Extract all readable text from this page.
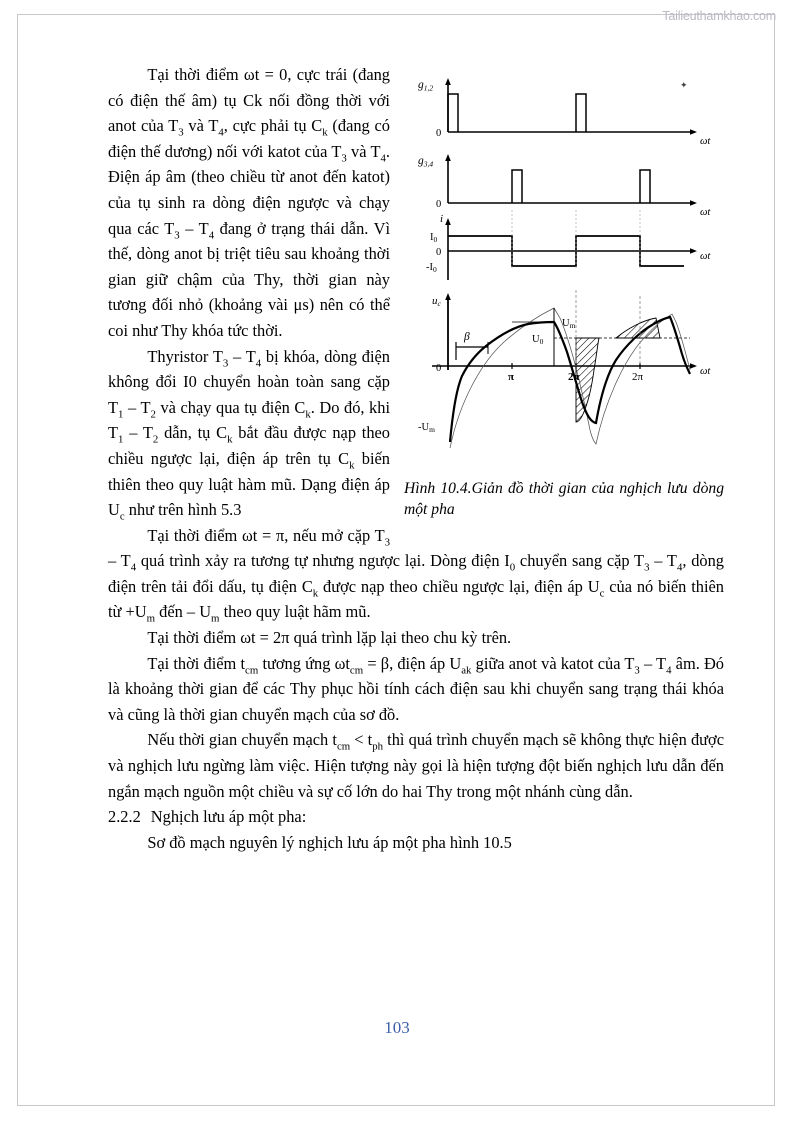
Tailieuthamkhao.com
$g_{1,2}$
0
ωt
✦
$g_{3,4}$
0
ωt
i
I0
0
-I0
ωt
uc
β
0
Um
U0
-Um
π	2π	2π	ωt
Hình 10.4.Giản đồ thời gian của nghịch lưu dòng một pha

Tại thời điểm ωt = 0, cực trái (đang có điện thế âm) tụ Ck nối đồng thời với anot của $T_3$ và $T_4$, cực phải tụ $C_k$ (đang có điện thế dương) nối với katot của $T_3$ và $T_4$. Điện áp âm (theo chiều từ anot đến katot) của tụ sinh ra dòng điện ngược và chạy qua các $T_3 - T_4$ đang ở trạng thái dẫn. Vì thế, dòng anot bị triệt tiêu sau khoảng thời gian giữ chậm của Thy, thời gian này tương đối nhỏ (khoảng vài μs) nên có thể coi như Thy khóa tức thời.

Thyristor $T_3 - T_4$ bị khóa, dòng điện không đổi I0 chuyển hoàn toàn sang cặp $T_1 - T_2$ và chạy qua tụ điện $C_k$. Do đó, khi $T_1 - T_2$ dẫn, tụ $C_k$ bắt đầu được nạp theo chiều ngược lại, điện áp trên tụ $C_k$ biến thiên theo quy luật hàm mũ. Dạng điện áp $U_c$ như trên hình 5.3

Tại thời điểm ωt = π, nếu mở cặp $T_3 - T_4$ quá trình xảy ra tương tự nhưng ngược lại. Dòng điện $I_0$ chuyển sang cặp $T_3 - T_4$, dòng điện trên tải đổi dấu, tụ điện $C_k$ được nạp theo chiều ngược lại, điện áp $U_c$ của nó biến thiên từ $+U_m$ đến – $U_m$ theo quy luật hãm mũ.

Tại thời điểm ωt = 2π quá trình lặp lại theo chu kỳ trên.

Tại thời điểm $t_{cm}$ tương ứng $\omega t_{cm} = \beta$, điện áp $U_{ak}$ giữa anot và katot của $T_3 - T_4$ âm. Đó là khoảng thời gian để các Thy phục hồi tính cách điện sau khi chuyển sang trạng thái khóa và cũng là thời gian chuyển mạch của sơ đồ.

Nếu thời gian chuyển mạch $t_{cm} < t_{ph}$ thì quá trình chuyển mạch sẽ không thực hiện được và nghịch lưu ngừng làm việc. Hiện tượng này gọi là hiện tượng đột biến nghịch lưu dẫn đến ngắn mạch nguồn một chiều và sự cố lớn do hai Thy trong một nhánh cùng dẫn.

2.2.2 Nghịch lưu áp một pha:

Sơ đồ mạch nguyên lý nghịch lưu áp một pha hình 10.5

103
